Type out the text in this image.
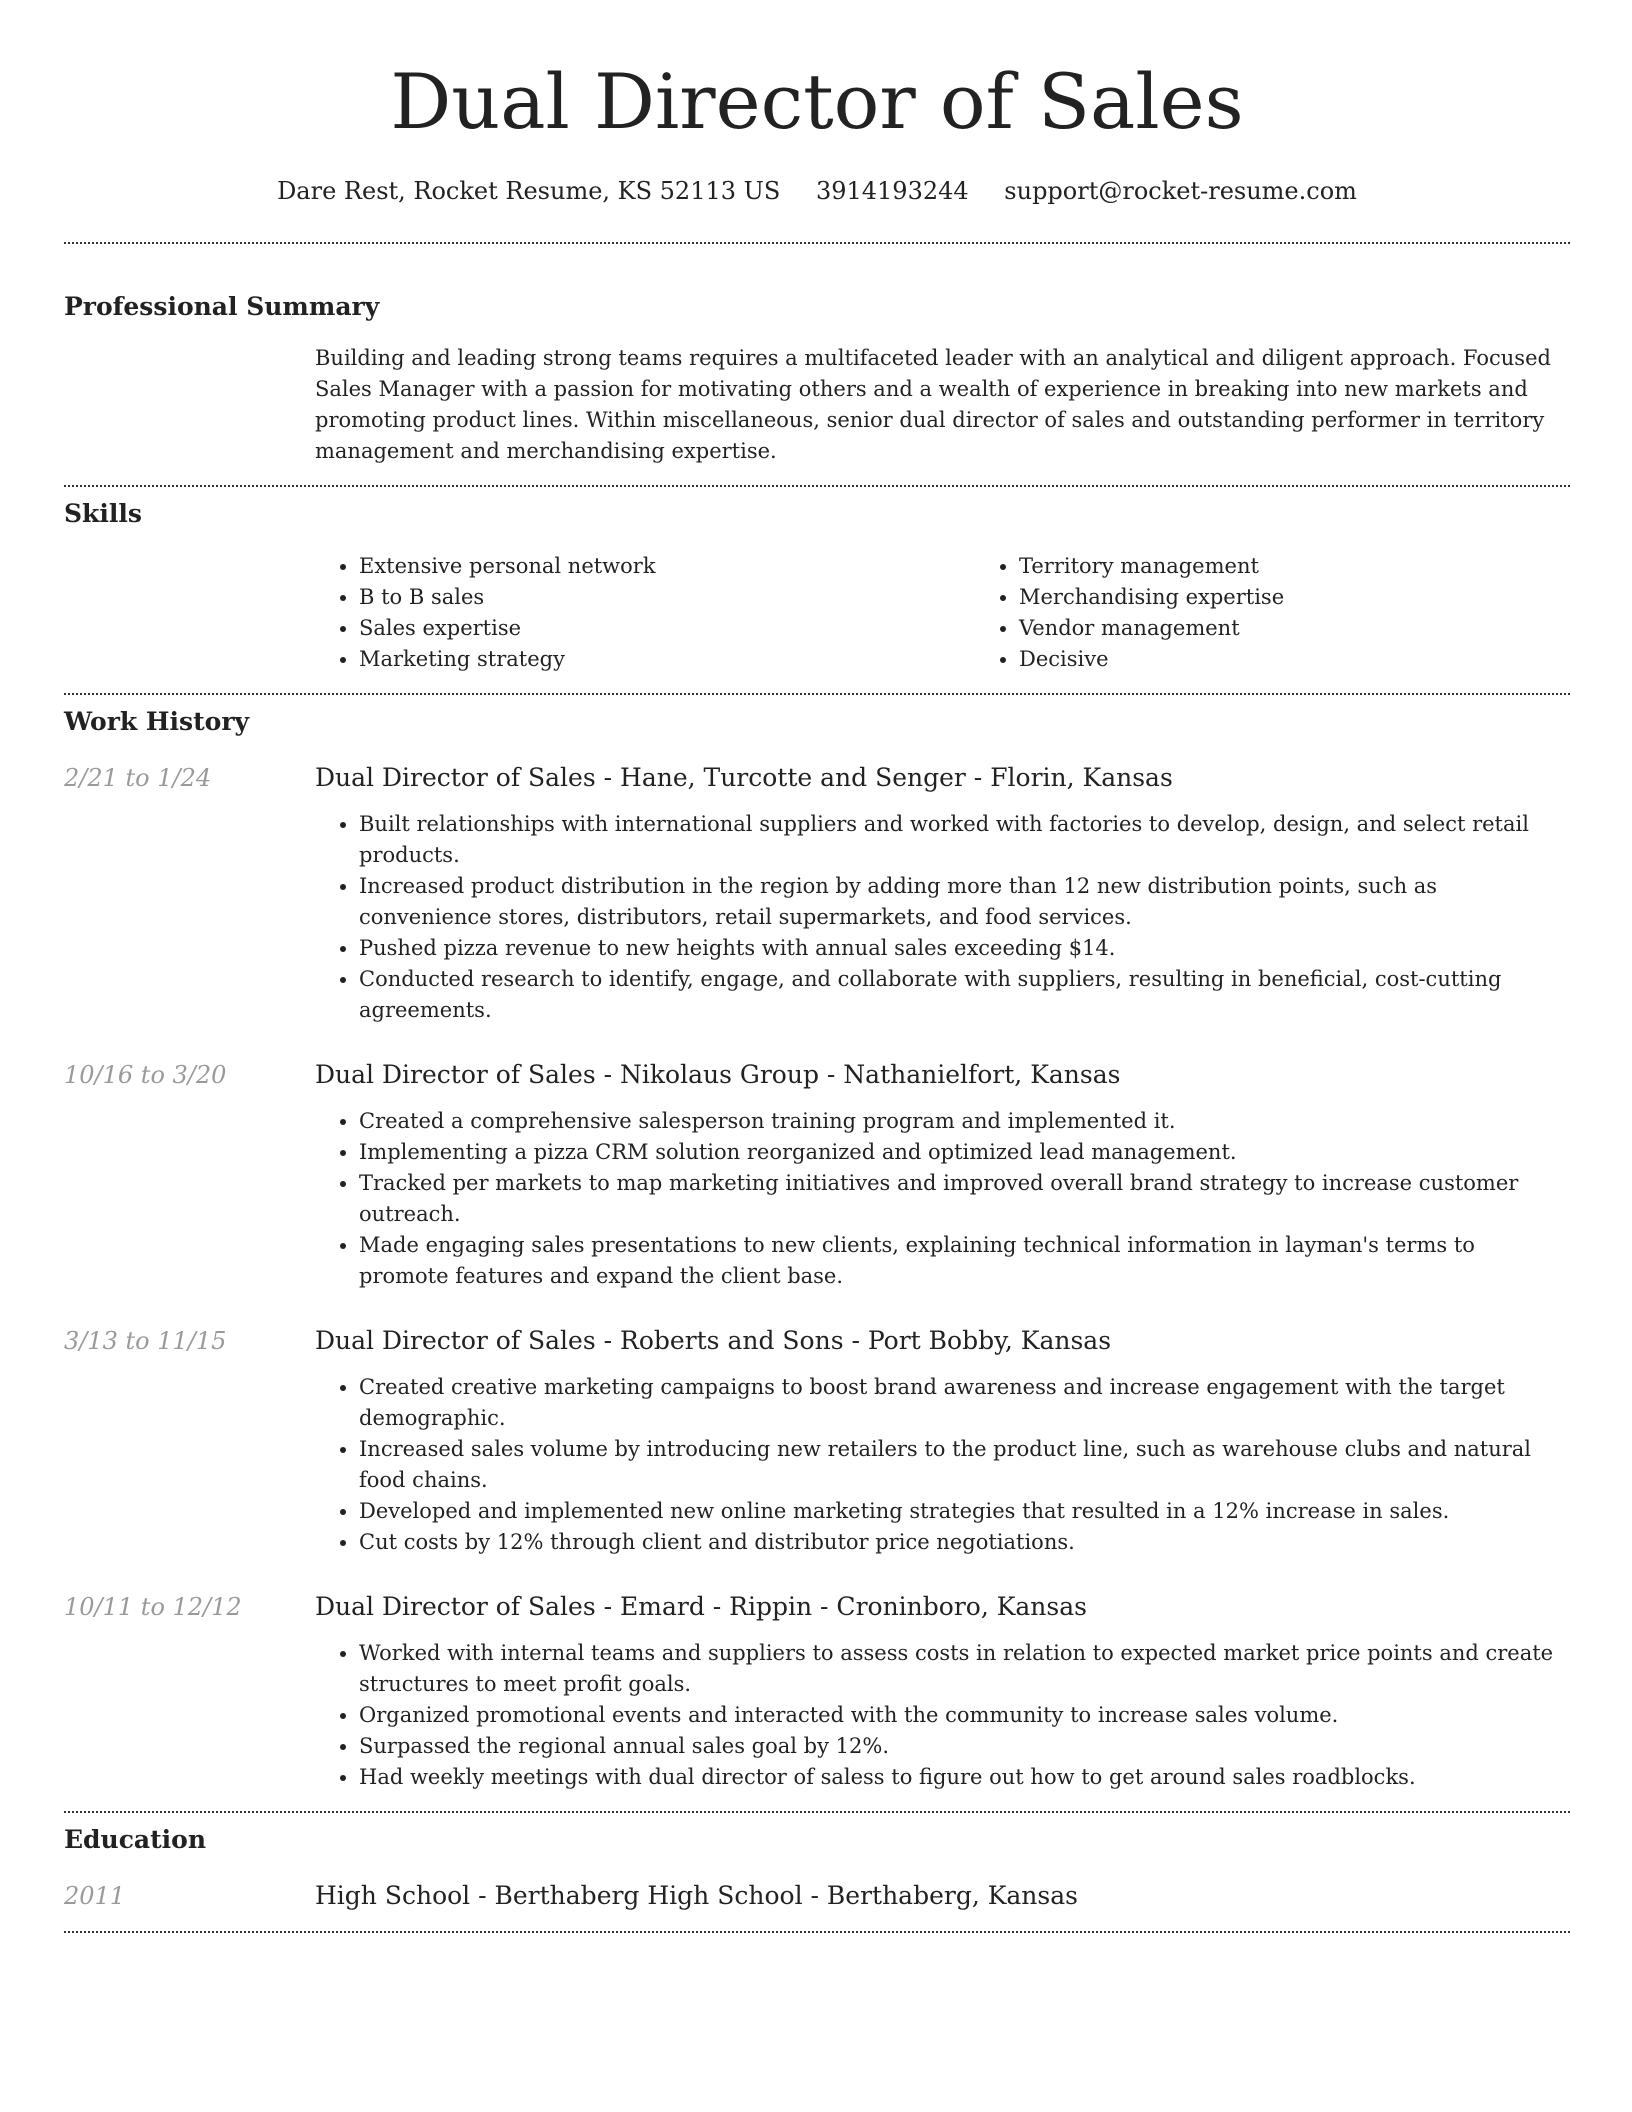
Dual Director of Sales
Dare Rest, Rocket Resume, KS 52113 US 3914193244 support@rocket-resume.com
Professional Summary

Building and leading strong teams requires a multifaceted leader with an analytical and diligent approach. Focused Sales Manager with a passion for motivating others and a wealth of experience in breaking into new markets and promoting product lines. Within miscellaneous, senior dual director of sales and outstanding performer in territory management and merchandising expertise.

Skills
• Extensive personal network
• B to B sales
• Sales expertise
• Marketing strategy
• Territory management
• Merchandising expertise
• Vendor management
• Decisive
Work History
2/21 to 1/24	Dual Director of Sales - Hane, Turcotte and Senger - Florin, Kansas
• Built relationships with international suppliers and worked with factories to develop, design, and select retail products.
• Increased product distribution in the region by adding more than 12 new distribution points, such as convenience stores, distributors, retail supermarkets, and food services.
• Pushed pizza revenue to new heights with annual sales exceeding $14.
• Conducted research to identify, engage, and collaborate with suppliers, resulting in beneficial, cost-cutting agreements.
10/16 to 3/20	Dual Director of Sales - Nikolaus Group - Nathanielfort, Kansas
• Created a comprehensive salesperson training program and implemented it.
• Implementing a pizza CRM solution reorganized and optimized lead management.
• Tracked per markets to map marketing initiatives and improved overall brand strategy to increase customer outreach.
• Made engaging sales presentations to new clients, explaining technical information in layman's terms to promote features and expand the client base.
3/13 to 11/15	Dual Director of Sales - Roberts and Sons - Port Bobby, Kansas
• Created creative marketing campaigns to boost brand awareness and increase engagement with the target demographic.
• Increased sales volume by introducing new retailers to the product line, such as warehouse clubs and natural food chains.
• Developed and implemented new online marketing strategies that resulted in a 12% increase in sales.
• Cut costs by 12% through client and distributor price negotiations.
10/11 to 12/12	Dual Director of Sales - Emard - Rippin - Croninboro, Kansas
• Worked with internal teams and suppliers to assess costs in relation to expected market price points and create structures to meet profit goals.
• Organized promotional events and interacted with the community to increase sales volume.
• Surpassed the regional annual sales goal by 12%.
• Had weekly meetings with dual director of saless to figure out how to get around sales roadblocks.
Education
2011	High School - Berthaberg High School - Berthaberg, Kansas
